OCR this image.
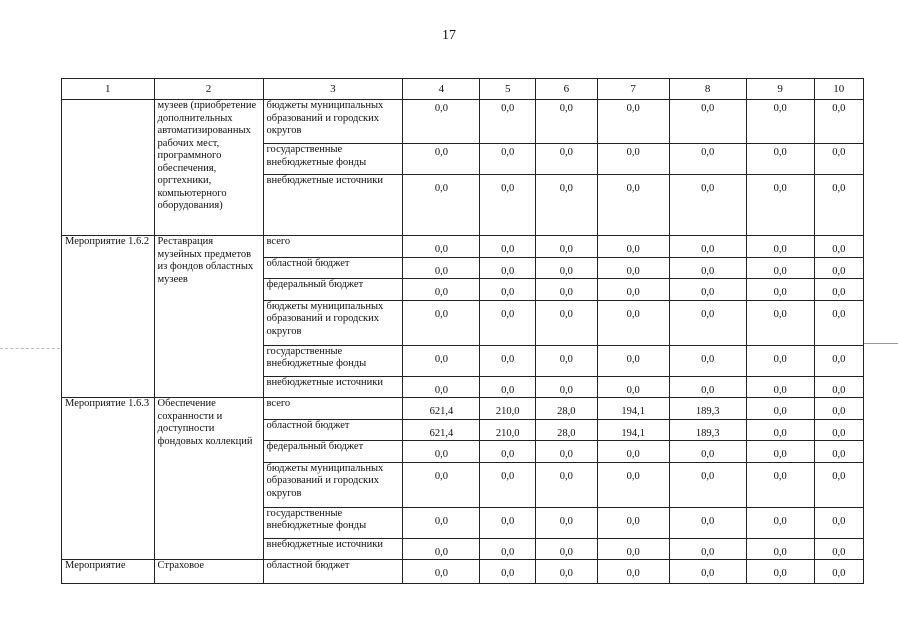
17
1	2	3	4	5	6	7	8	9	10
	музеев (приобретение дополнительных автоматизированных рабочих мест, программного обеспечения, оргтехники, компьютерного оборудования)	бюджеты муниципальных образований и городских округов	0,0	0,0	0,0	0,0	0,0	0,0	0,0
		государственные внебюджетные фонды	0,0	0,0	0,0	0,0	0,0	0,0	0,0
		внебюджетные источники	0,0	0,0	0,0	0,0	0,0	0,0	0,0
Мероприятие 1.6.2	Реставрация музейных предметов из фондов областных музеев	всего	0,0	0,0	0,0	0,0	0,0	0,0	0,0
		областной бюджет	0,0	0,0	0,0	0,0	0,0	0,0	0,0
		федеральный бюджет	0,0	0,0	0,0	0,0	0,0	0,0	0,0
		бюджеты муниципальных образований и городских округов	0,0	0,0	0,0	0,0	0,0	0,0	0,0
		государственные внебюджетные фонды	0,0	0,0	0,0	0,0	0,0	0,0	0,0
		внебюджетные источники	0,0	0,0	0,0	0,0	0,0	0,0	0,0
Мероприятие 1.6.3	Обеспечение сохранности и доступности фондовых коллекций	всего	621,4	210,0	28,0	194,1	189,3	0,0	0,0
		областной бюджет	621,4	210,0	28,0	194,1	189,3	0,0	0,0
		федеральный бюджет	0,0	0,0	0,0	0,0	0,0	0,0	0,0
		бюджеты муниципальных образований и городских округов	0,0	0,0	0,0	0,0	0,0	0,0	0,0
		государственные внебюджетные фонды	0,0	0,0	0,0	0,0	0,0	0,0	0,0
		внебюджетные источники	0,0	0,0	0,0	0,0	0,0	0,0	0,0
Мероприятие	Страховое	областной бюджет	0,0	0,0	0,0	0,0	0,0	0,0	0,0
